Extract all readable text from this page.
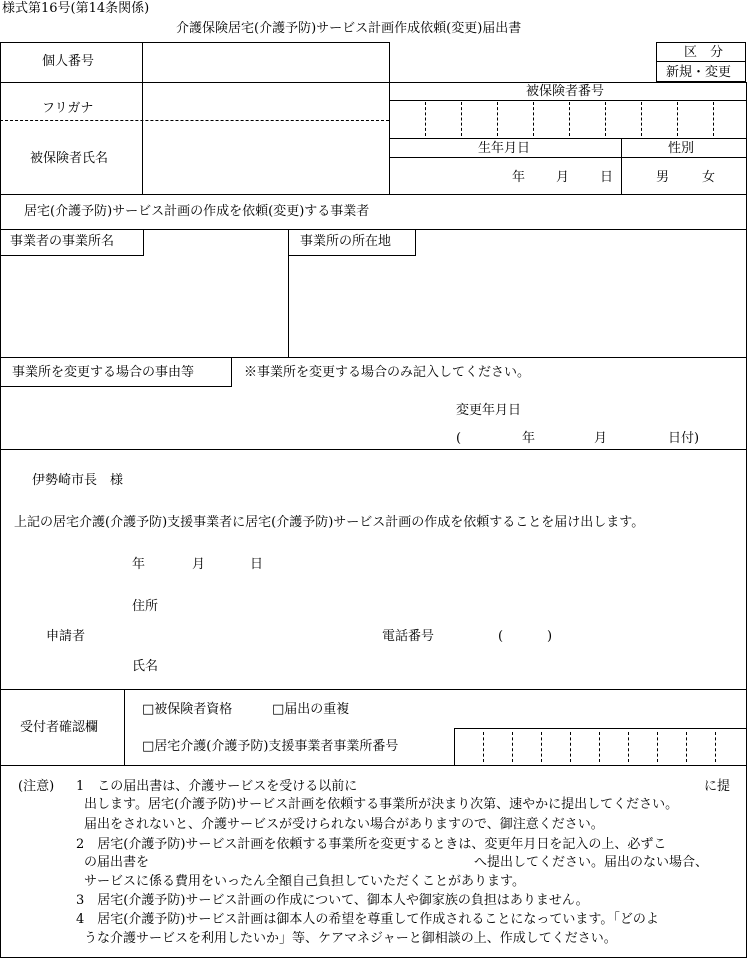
様式第16号(第14条関係)
介護保険居宅(介護予防)サービス計画作成依頼(変更)届出書
区　分
新規・変更
個人番号
フリガナ
被保険者氏名
被保険者番号
生年月日	性別
年 月 日	男	女
居宅(介護予防)サービス計画の作成を依頼(変更)する事業者
事業者の事業所名	事業所の所在地
事業所を変更する場合の事由等	※事業所を変更する場合のみ記入してください。
変更年月日
(	年	月	日付)
伊勢崎市長　様
上記の居宅介護(介護予防)支援事業者に居宅(介護予防)サービス計画の作成を依頼することを届け出します。
年	月	日
住所
申請者	電話番号	(	)
氏名
受付者確認欄
□被保険者資格	□届出の重複
□居宅介護(介護予防)支援事業者事業所番号
(注意) 1　この届出書は、介護サービスを受ける以前に	に提
出します。居宅(介護予防)サービス計画を依頼する事業所が決まり次第、速やかに提出してください。
届出をされないと、介護サービスが受けられない場合がありますので、御注意ください。
2　居宅(介護予防)サービス計画を依頼する事業所を変更するときは、変更年月日を記入の上、必ずこ
の届出書を	へ提出してください。届出のない場合、
サービスに係る費用をいったん全額自己負担していただくことがあります。
3　居宅(介護予防)サービス計画の作成について、御本人や御家族の負担はありません。
4　居宅(介護予防)サービス計画は御本人の希望を尊重して作成されることになっています。「どのよ
うな介護サービスを利用したいか」等、ケアマネジャーと御相談の上、作成してください。
